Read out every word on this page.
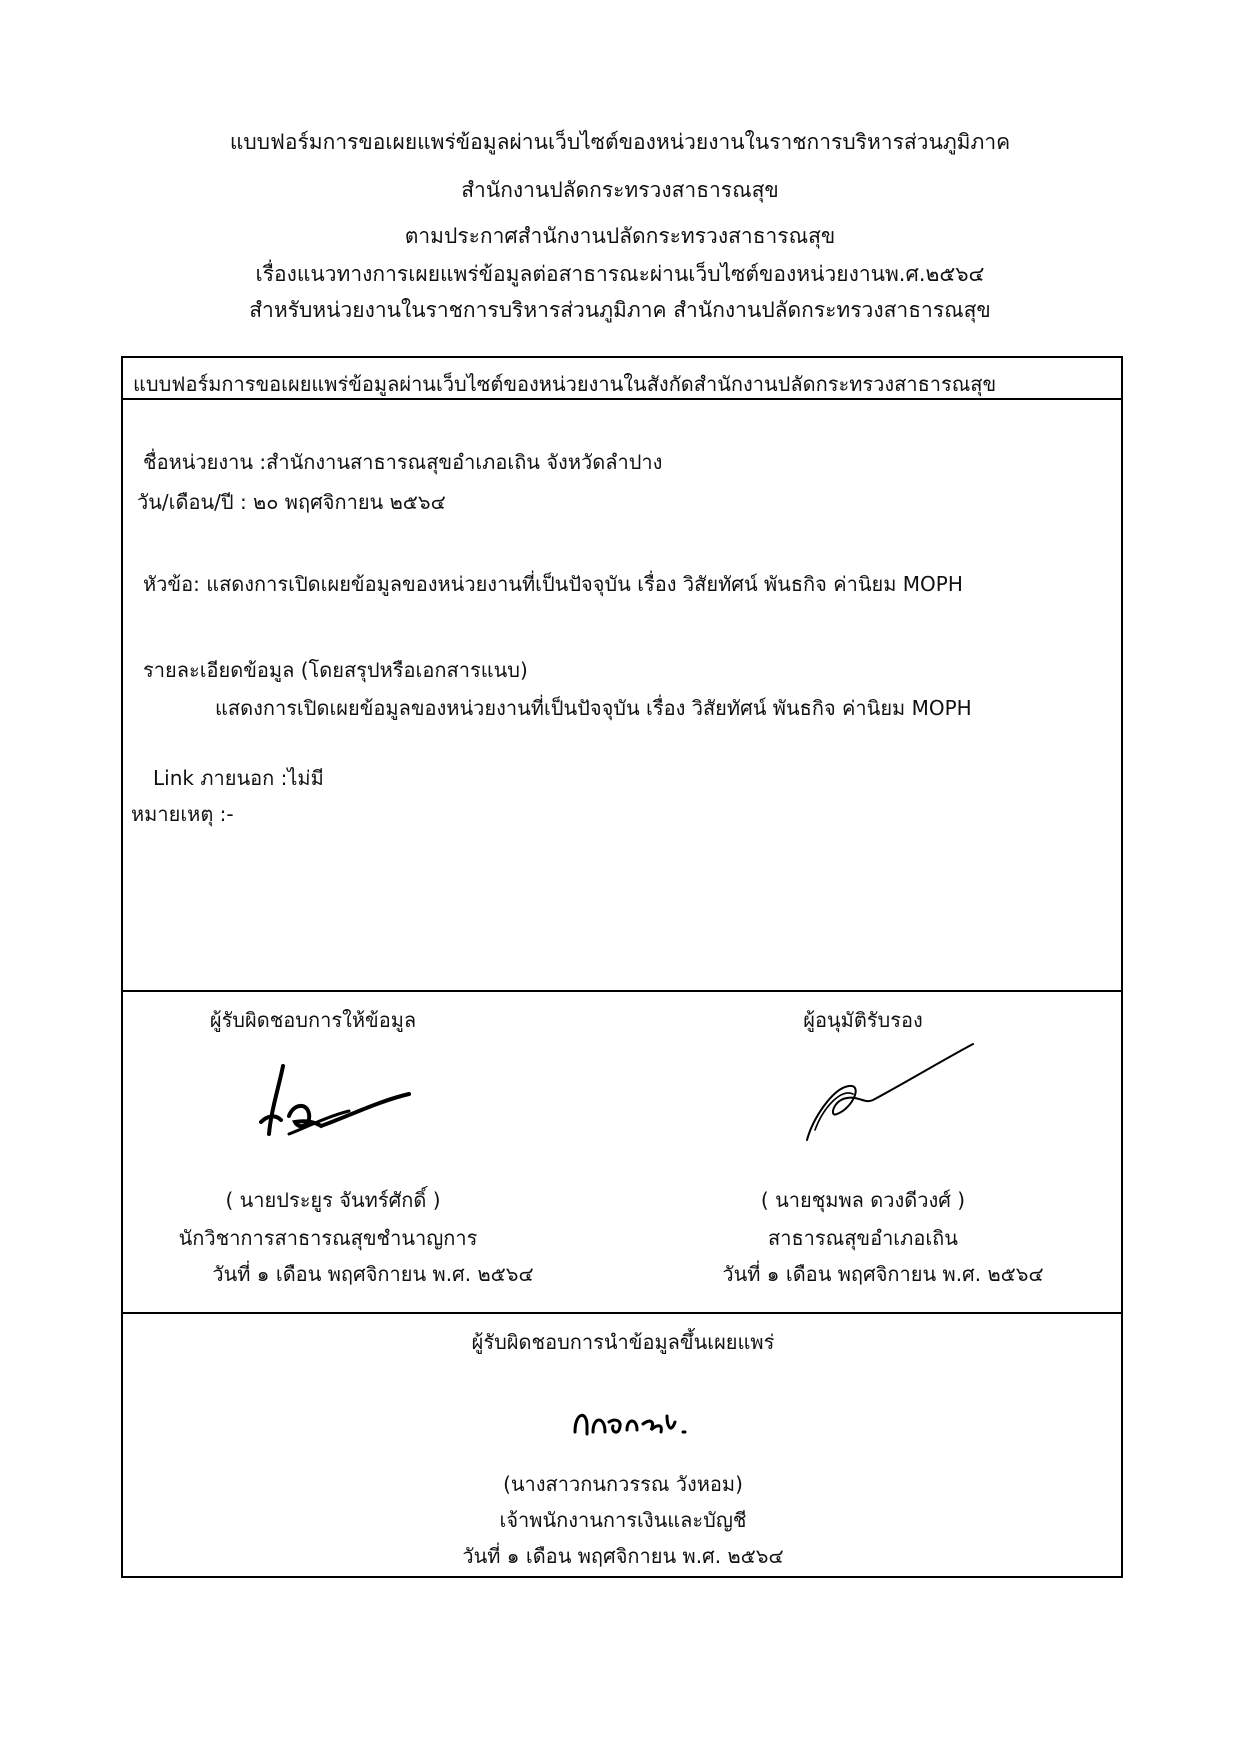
แบบฟอร์มการขอเผยแพร่ข้อมูลผ่านเว็บไซต์ของหน่วยงานในราชการบริหารส่วนภูมิภาค
สำนักงานปลัดกระทรวงสาธารณสุข
ตามประกาศสำนักงานปลัดกระทรวงสาธารณสุข
เรื่องแนวทางการเผยแพร่ข้อมูลต่อสาธารณะผ่านเว็บไซต์ของหน่วยงานพ.ศ.๒๕๖๔
สำหรับหน่วยงานในราชการบริหารส่วนภูมิภาค สำนักงานปลัดกระทรวงสาธารณสุข
แบบฟอร์มการขอเผยแพร่ข้อมูลผ่านเว็บไซต์ของหน่วยงานในสังกัดสำนักงานปลัดกระทรวงสาธารณสุข
ชื่อหน่วยงาน :สำนักงานสาธารณสุขอำเภอเถิน จังหวัดลำปาง
วัน/เดือน/ปี : ๒๐ พฤศจิกายน ๒๕๖๔
หัวข้อ: แสดงการเปิดเผยข้อมูลของหน่วยงานที่เป็นปัจจุบัน เรื่อง วิสัยทัศน์ พันธกิจ ค่านิยม MOPH
รายละเอียดข้อมูล (โดยสรุปหรือเอกสารแนบ)
แสดงการเปิดเผยข้อมูลของหน่วยงานที่เป็นปัจจุบัน เรื่อง วิสัยทัศน์ พันธกิจ ค่านิยม MOPH
Link ภายนอก :ไม่มี
หมายเหตุ :-
ผู้รับผิดชอบการให้ข้อมูล
( นายประยูร จันทร์ศักดิ์ )
นักวิชาการสาธารณสุขชำนาญการ
วันที่ ๑ เดือน พฤศจิกายน พ.ศ. ๒๕๖๔
ผู้อนุมัติรับรอง
( นายชุมพล ดวงดีวงศ์ )
สาธารณสุขอำเภอเถิน
วันที่ ๑ เดือน พฤศจิกายน พ.ศ. ๒๕๖๔
ผู้รับผิดชอบการนำข้อมูลขึ้นเผยแพร่
(นางสาวกนกวรรณ วังหอม)
เจ้าพนักงานการเงินและบัญชี
วันที่ ๑ เดือน พฤศจิกายน พ.ศ. ๒๕๖๔
